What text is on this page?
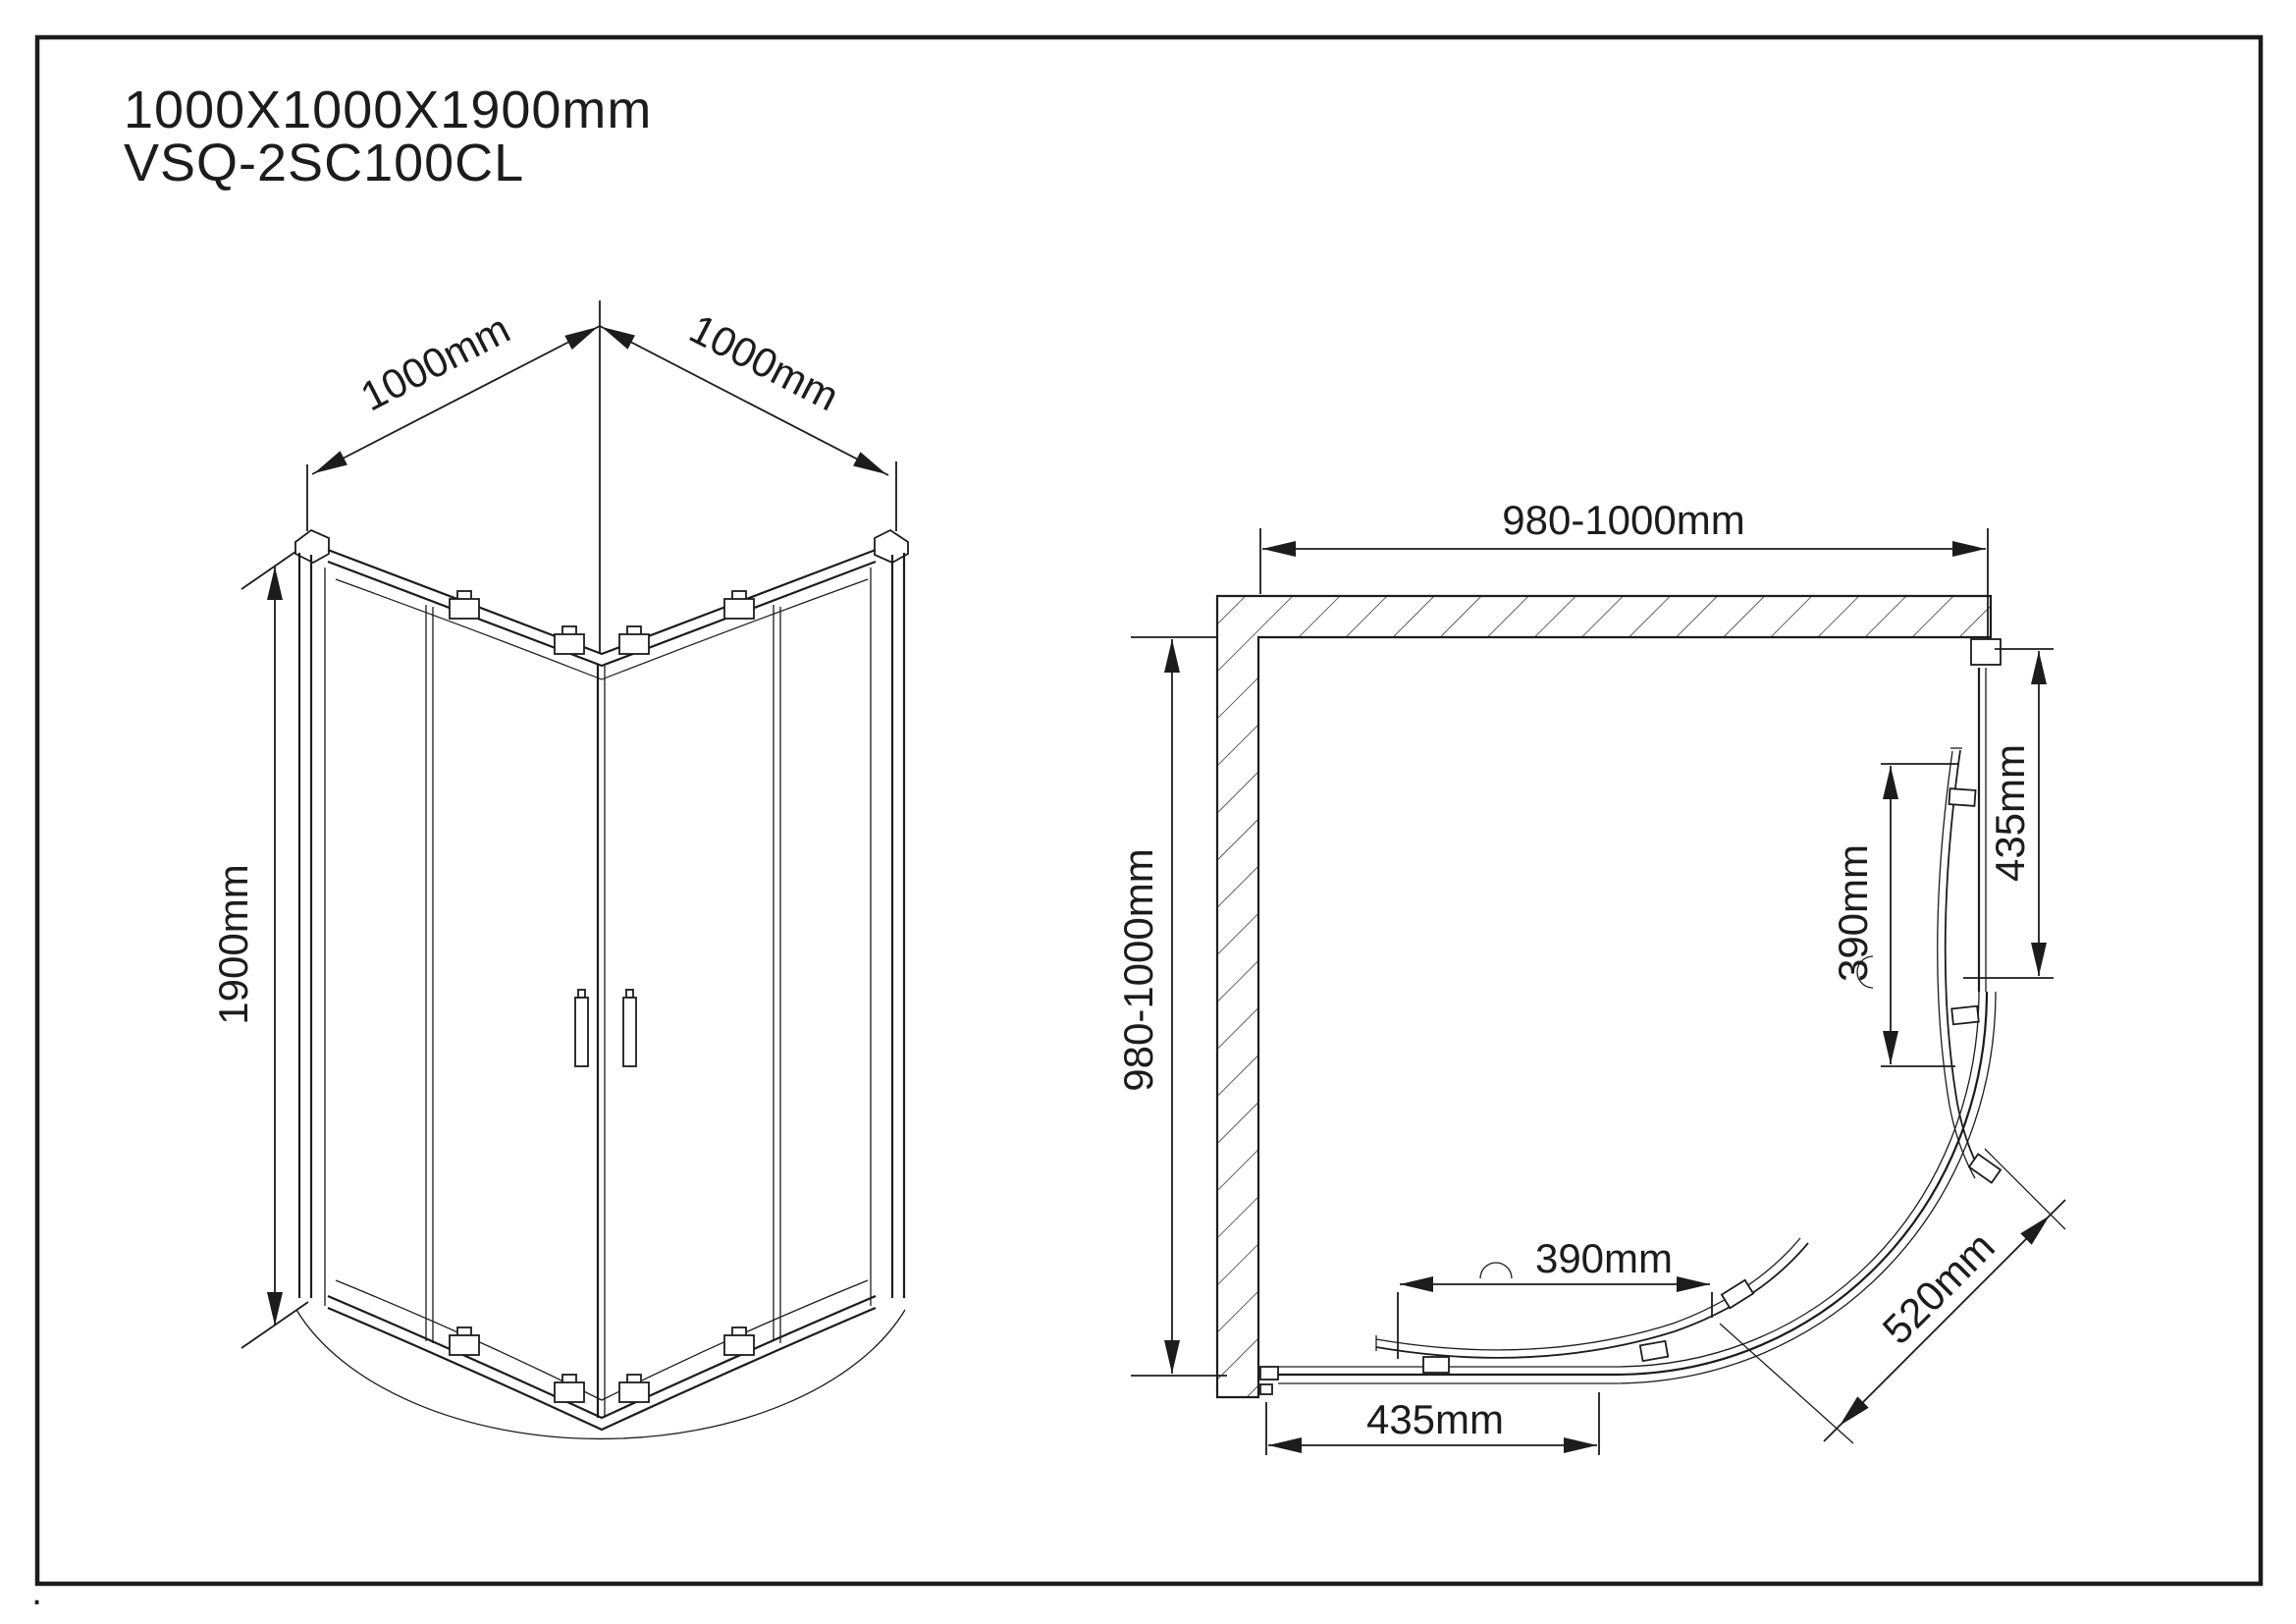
1000X1000X1900mm
VSQ-2SC100CL
.
1000mm	1000mm
1900mm
980-1000mm
980-1000mm
435mm
390mm
390mm
435mm
520mm
